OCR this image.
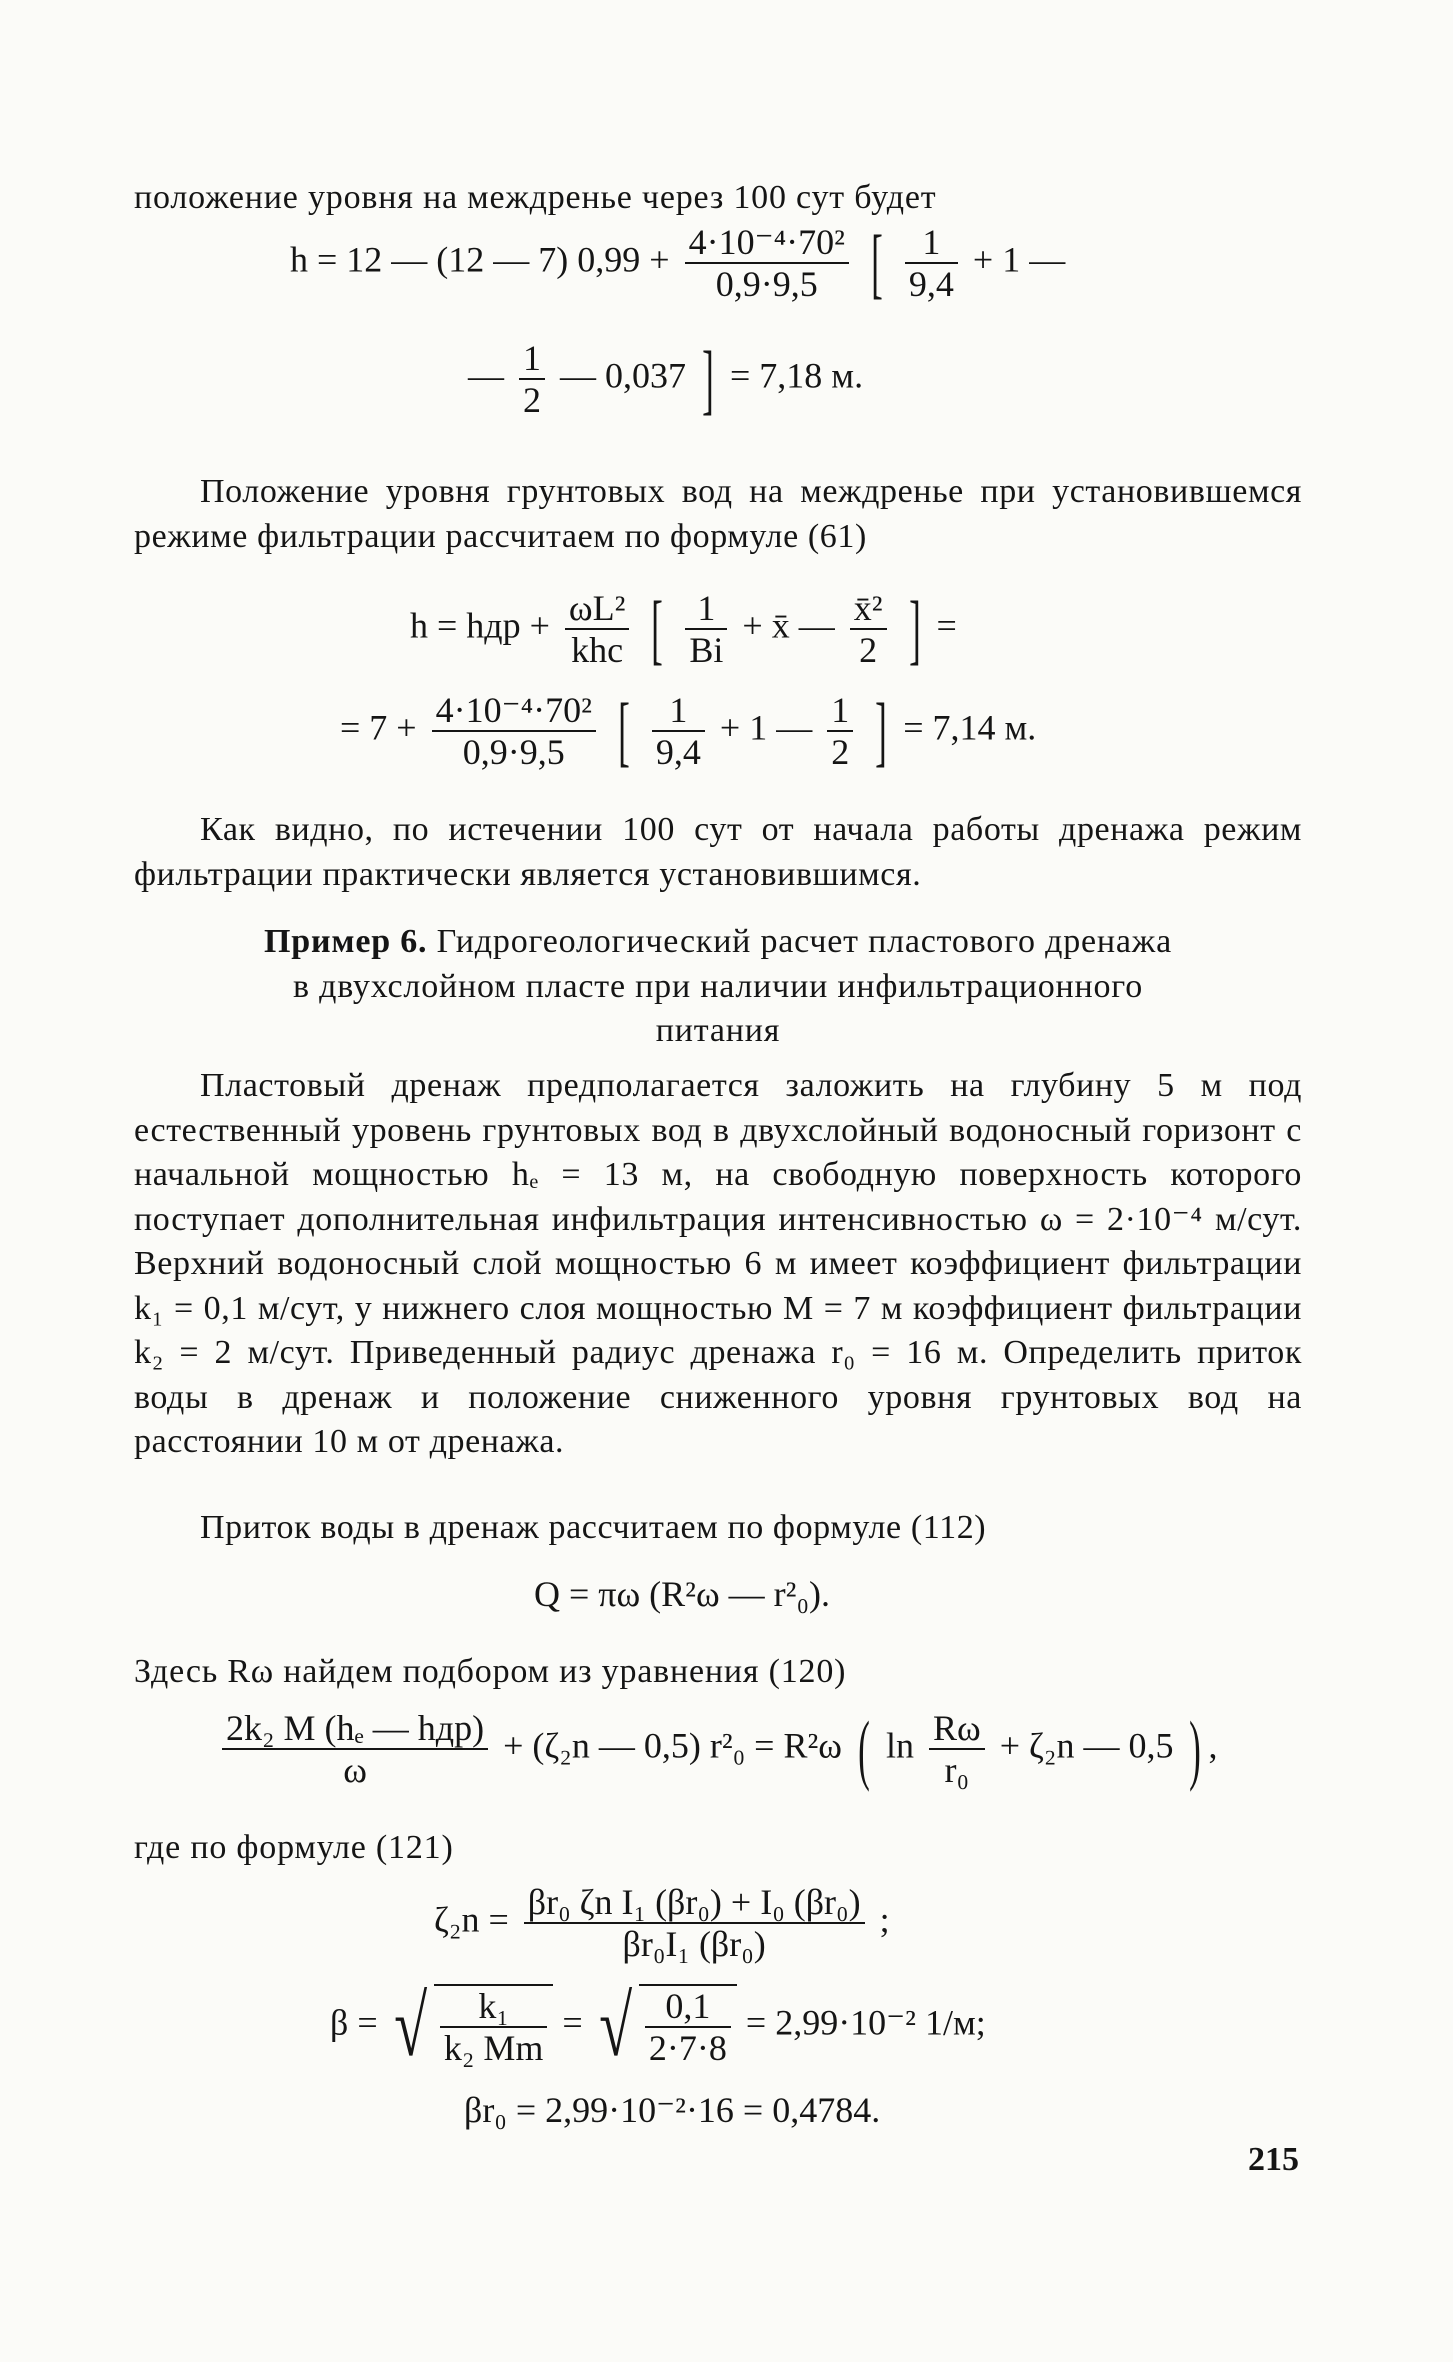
положение уровня на междренье через 100 сут будет
h = 12 — (12 — 7) $0,99 + \frac{\text{4·10⁻⁴·70²}}{0,9\cdot 9,5}$ [ $\frac{1}{9,4} + 1$ —
— $\frac{1}{2}$ — 0,037 ] = 7,18 м.
Положение уровня грунтовых вод на междренье при установившемся режиме фильтрации рассчитаем по формуле (61)
h = hдр + $\frac{\text{ωL²}}{\text{khc}}$ [ $\frac{1}{Bi}$ + x̄ — $\frac{\text{x̄²}}{2}$ ] =
= $7 + \frac{\text{4·10⁻⁴·70²}}{0,9\cdot 9,5}$ [ $\frac{1}{9,4} + 1$ — $\frac{1}{2}$ ] = 7,14 м.
Как видно, по истечении 100 сут от начала работы дренажа режим фильтрации практически является установившимся.
Пример 6. Гидрогеологический расчет пластового дренажа
в двухслойном пласте при наличии инфильтрационного
питания
Пластовый дренаж предполагается заложить на глубину 5 м под естественный уровень грунтовых вод в двухслойный водоносный горизонт с начальной мощностью hₑ = 13 м, на свободную поверхность которого поступает дополнительная инфильтрация интенсивностью ω = 2·10⁻⁴ м/сут. Верхний водоносный слой мощностью 6 м имеет коэффициент фильтрации k₁ = 0,1 м/сут, у нижнего слоя мощностью M = 7 м коэффициент фильтрации k₂ = 2 м/сут. Приведенный радиус дренажа r₀ = 16 м. Определить приток воды в дренаж и положение сниженного уровня грунтовых вод на расстоянии 10 м от дренажа.
Приток воды в дренаж рассчитаем по формуле (112)
Q = πω (R²ω — r²₀).
Здесь Rω найдем подбором из уравнения (120)
$\frac{\text{2k₂ M (hₑ — hдр)}}{\omega} + (\zeta_2n$ — 0,5) r²₀ = R²ω ( $\ln \frac{R\omega}{\text{r₀}} + \zeta_2n$ — 0,5 ) ,
где по формуле (121)
$\zeta_2n = \frac{\text{βr₀ ζn I₁ (βr₀) + I₀ (βr₀)}}{\text{βr₀I₁ (βr₀)}}$ ;
β = √ $\frac{\text{k₁}}{\text{k₂ Mm}}$ = √ $\frac{0,1}{2\cdot 7\cdot 8} = 2,99\cdot 10^{-2}$ 1/м;
βr₀ = 2,99·10⁻²·16 = 0,4784.
215
